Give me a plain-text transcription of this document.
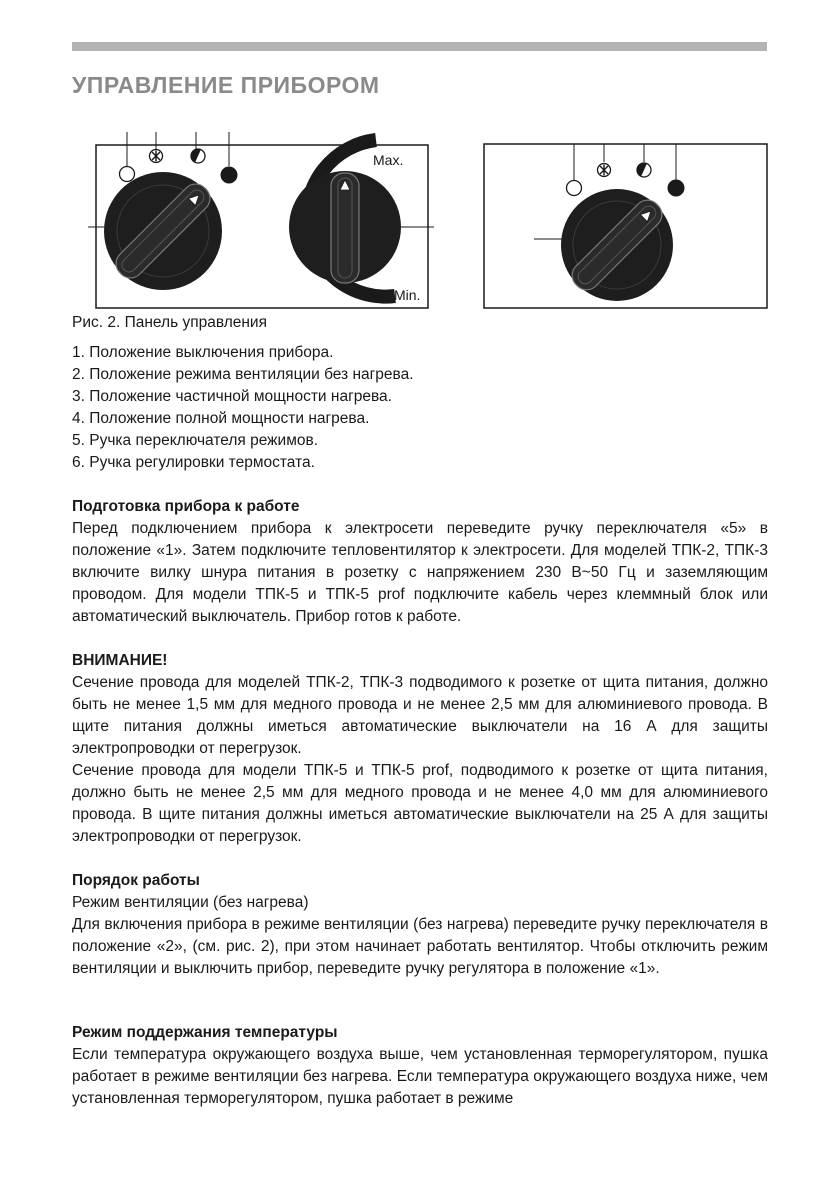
УПРАВЛЕНИЕ ПРИБОРОМ
Max.
Min.
Рис. 2. Панель управления
1. Положение выключения прибора.
2. Положение режима вентиляции без нагрева.
3. Положение частичной мощности нагрева.
4. Положение полной мощности нагрева.
5. Ручка переключателя режимов.
6. Ручка регулировки термостата.
Подготовка прибора к работе

Перед подключением прибора к электросети переведите ручку переключателя «5» в положение «1». Затем подключите тепловентилятор к электросети. Для моделей ТПК-2, ТПК-3 включите вилку шнура питания в розетку с напряжением 230 В~50 Гц и заземляющим проводом. Для модели ТПК-5 и ТПК-5 prof подключите кабель через клеммный блок или автоматический выключатель. Прибор готов к работе.

ВНИМАНИЕ!

Сечение провода для моделей ТПК-2, ТПК-3 подводимого к розетке от щита питания, должно быть не менее 1,5 мм для медного провода и не менее 2,5 мм для алюминиевого провода. В щите питания должны иметься автоматические выключатели на 16 А для защиты электропроводки от перегрузок.

Сечение провода для модели ТПК-5 и ТПК-5 prof, подводимого к розетке от щита питания, должно быть не менее 2,5 мм для медного провода и не менее 4,0 мм для алюминиевого провода. В щите питания должны иметься автоматические выключатели на 25 А для защиты электропроводки от перегрузок.

Порядок работы

Режим вентиляции (без нагрева)

Для включения прибора в режиме вентиляции (без нагрева) переведите ручку переключателя в положение «2», (см. рис. 2), при этом начинает работать вентилятор. Чтобы отключить режим вентиляции и выключить прибор, переведите ручку регулятора в положение «1».

Режим поддержания температуры

Если температура окружающего воздуха выше, чем установленная терморегулятором, пушка работает в режиме вентиляции без нагрева. Если температура окружающего воздуха ниже, чем установленная терморегулятором, пушка работает в режиме
